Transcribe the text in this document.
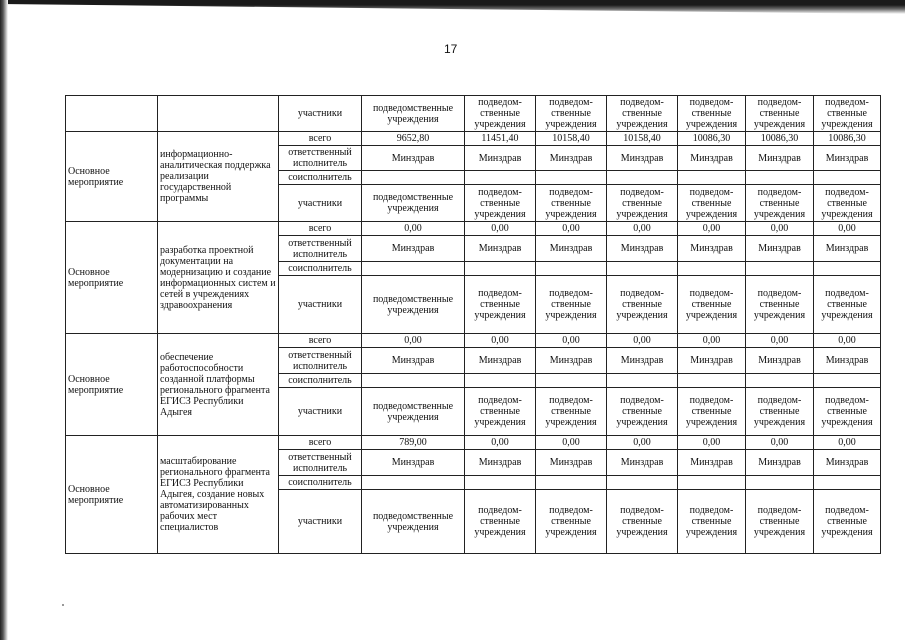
17
		участники	подведомственные учреждения	подведом-ственные учреждения	подведом-ственные учреждения	подведом-ственные учреждения	подведом-ственные учреждения	подведом-ственные учреждения	подведом-ственные учреждения
Основное мероприятие	информационно-аналитическая поддержка реализации государственной программы	всего	9652,80	11451,40	10158,40	10158,40	10086,30	10086,30	10086,30
		ответственный исполнитель	Минздрав	Минздрав	Минздрав	Минздрав	Минздрав	Минздрав	Минздрав
		соисполнитель							
		участники	подведомственные учреждения	подведом-ственные учреждения	подведом-ственные учреждения	подведом-ственные учреждения	подведом-ственные учреждения	подведом-ственные учреждения	подведом-ственные учреждения
Основное мероприятие	разработка проектной документации на модернизацию и создание информационных систем и сетей в учреждениях здравоохранения	всего	0,00	0,00	0,00	0,00	0,00	0,00	0,00
		ответственный исполнитель	Минздрав	Минздрав	Минздрав	Минздрав	Минздрав	Минздрав	Минздрав
		соисполнитель							
		участники	подведомственные учреждения	подведом-ственные учреждения	подведом-ственные учреждения	подведом-ственные учреждения	подведом-ственные учреждения	подведом-ственные учреждения	подведом-ственные учреждения
Основное мероприятие	обеспечение работоспособности созданной платформы регионального фрагмента ЕГИСЗ Республики Адыгея	всего	0,00	0,00	0,00	0,00	0,00	0,00	0,00
		ответственный исполнитель	Минздрав	Минздрав	Минздрав	Минздрав	Минздрав	Минздрав	Минздрав
		соисполнитель							
		участники	подведомственные учреждения	подведом-ственные учреждения	подведом-ственные учреждения	подведом-ственные учреждения	подведом-ственные учреждения	подведом-ственные учреждения	подведом-ственные учреждения
Основное мероприятие	масштабирование регионального фрагмента ЕГИСЗ Республики Адыгея, создание новых автоматизированных рабочих мест специалистов	всего	789,00	0,00	0,00	0,00	0,00	0,00	0,00
		ответственный исполнитель	Минздрав	Минздрав	Минздрав	Минздрав	Минздрав	Минздрав	Минздрав
		соисполнитель							
		участники	подведомственные учреждения	подведом-ственные учреждения	подведом-ственные учреждения	подведом-ственные учреждения	подведом-ственные учреждения	подведом-ственные учреждения	подведом-ственные учреждения
